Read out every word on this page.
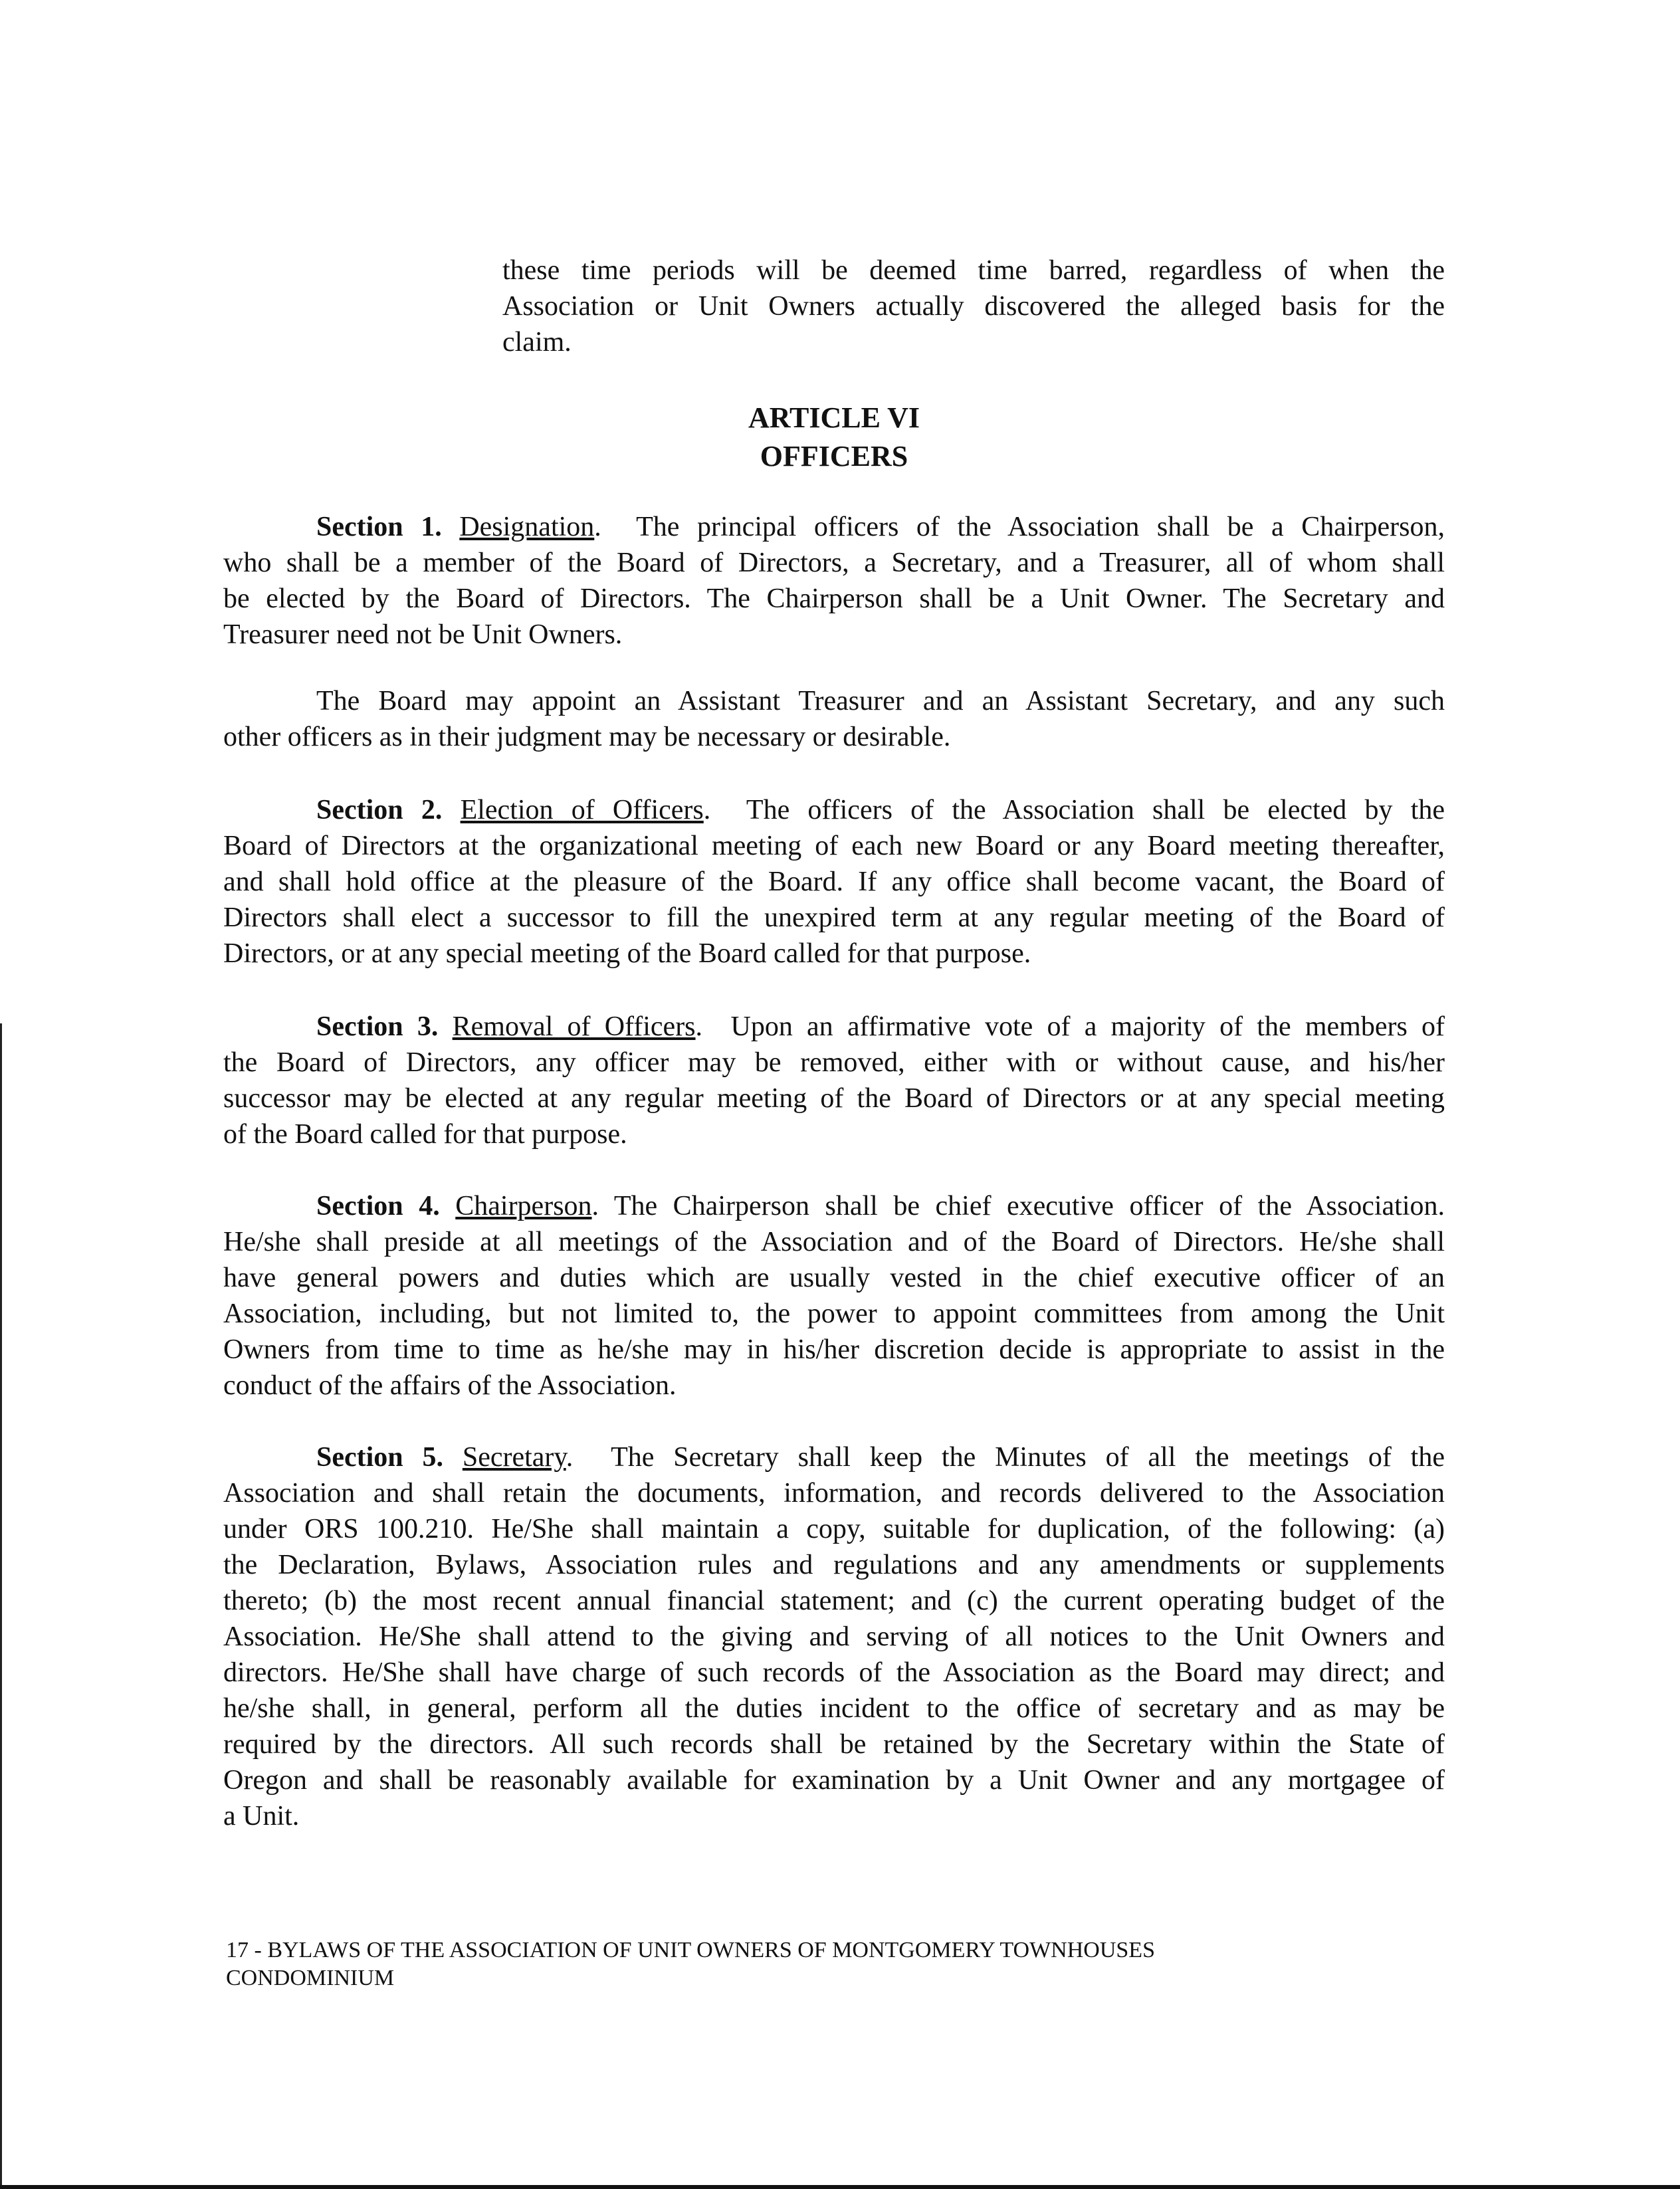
these time periods will be deemed time barred, regardless of when the
Association or Unit Owners actually discovered the alleged basis for the
claim.
ARTICLE VI
OFFICERS
Section 1. Designation.  The principal officers of the Association shall be a Chairperson,
who shall be a member of the Board of Directors, a Secretary, and a Treasurer, all of whom shall
be elected by the Board of Directors. The Chairperson shall be a Unit Owner. The Secretary and
Treasurer need not be Unit Owners.
The Board may appoint an Assistant Treasurer and an Assistant Secretary, and any such
other officers as in their judgment may be necessary or desirable.
Section 2. Election of Officers.  The officers of the Association shall be elected by the
Board of Directors at the organizational meeting of each new Board or any Board meeting thereafter,
and shall hold office at the pleasure of the Board. If any office shall become vacant, the Board of
Directors shall elect a successor to fill the unexpired term at any regular meeting of the Board of
Directors, or at any special meeting of the Board called for that purpose.
Section 3. Removal of Officers.  Upon an affirmative vote of a majority of the members of
the Board of Directors, any officer may be removed, either with or without cause, and his/her
successor may be elected at any regular meeting of the Board of Directors or at any special meeting
of the Board called for that purpose.
Section 4. Chairperson. The Chairperson shall be chief executive officer of the Association.
He/she shall preside at all meetings of the Association and of the Board of Directors. He/she shall
have general powers and duties which are usually vested in the chief executive officer of an
Association, including, but not limited to, the power to appoint committees from among the Unit
Owners from time to time as he/she may in his/her discretion decide is appropriate to assist in the
conduct of the affairs of the Association.
Section 5. Secretary.  The Secretary shall keep the Minutes of all the meetings of the
Association and shall retain the documents, information, and records delivered to the Association
under ORS 100.210. He/She shall maintain a copy, suitable for duplication, of the following: (a)
the Declaration, Bylaws, Association rules and regulations and any amendments or supplements
thereto; (b) the most recent annual financial statement; and (c) the current operating budget of the
Association. He/She shall attend to the giving and serving of all notices to the Unit Owners and
directors. He/She shall have charge of such records of the Association as the Board may direct; and
he/she shall, in general, perform all the duties incident to the office of secretary and as may be
required by the directors. All such records shall be retained by the Secretary within the State of
Oregon and shall be reasonably available for examination by a Unit Owner and any mortgagee of
a Unit.
17 - BYLAWS OF THE ASSOCIATION OF UNIT OWNERS OF MONTGOMERY TOWNHOUSES
CONDOMINIUM
